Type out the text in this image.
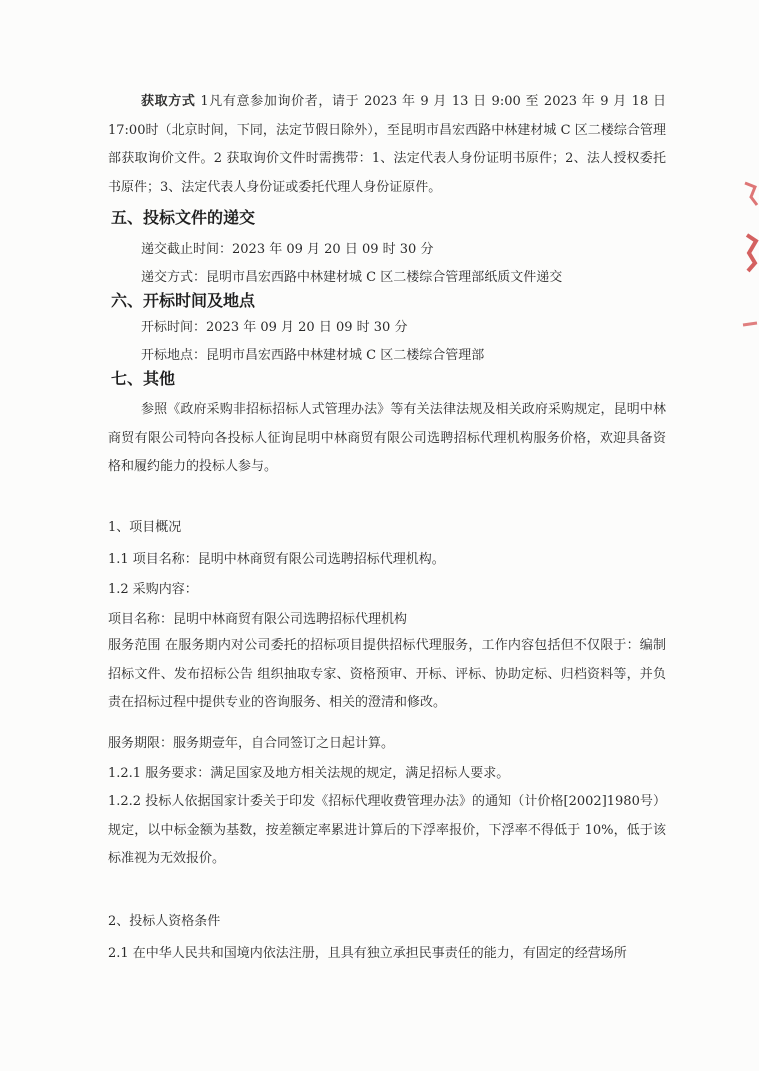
获取方式 1凡有意参加询价者，请于 2023 年 9 月 13 日 9:00 至 2023 年 9 月 18 日 17:00时（北京时间，下同，法定节假日除外），至昆明市昌宏西路中林建材城 C 区二楼综合管理部获取询价文件。2 获取询价文件时需携带：1、法定代表人身份证明书原件；2、法人授权委托书原件；3、法定代表人身份证或委托代理人身份证原件。
五、投标文件的递交
递交截止时间：2023 年 09 月 20 日 09 时 30 分
递交方式：昆明市昌宏西路中林建材城 C 区二楼综合管理部纸质文件递交
六、开标时间及地点
开标时间：2023 年 09 月 20 日 09 时 30 分
开标地点：昆明市昌宏西路中林建材城 C 区二楼综合管理部
七、其他
参照《政府采购非招标招标人式管理办法》等有关法律法规及相关政府采购规定，昆明中林商贸有限公司特向各投标人征询昆明中林商贸有限公司选聘招标代理机构服务价格，欢迎具备资格和履约能力的投标人参与。
1、项目概况
1.1 项目名称：昆明中林商贸有限公司选聘招标代理机构。
1.2 采购内容：
项目名称：昆明中林商贸有限公司选聘招标代理机构
服务范围 在服务期内对公司委托的招标项目提供招标代理服务，工作内容包括但不仅限于：编制招标文件、发布招标公告 组织抽取专家、资格预审、开标、评标、协助定标、归档资料等，并负责在招标过程中提供专业的咨询服务、相关的澄清和修改。
服务期限：服务期壹年，自合同签订之日起计算。
1.2.1 服务要求：满足国家及地方相关法规的规定，满足招标人要求。
1.2.2 投标人依据国家计委关于印发《招标代理收费管理办法》的通知（计价格[2002]1980号）规定，以中标金额为基数，按差额定率累进计算后的下浮率报价，下浮率不得低于 10%，低于该标准视为无效报价。
2、投标人资格条件
2.1 在中华人民共和国境内依法注册，且具有独立承担民事责任的能力，有固定的经营场所
